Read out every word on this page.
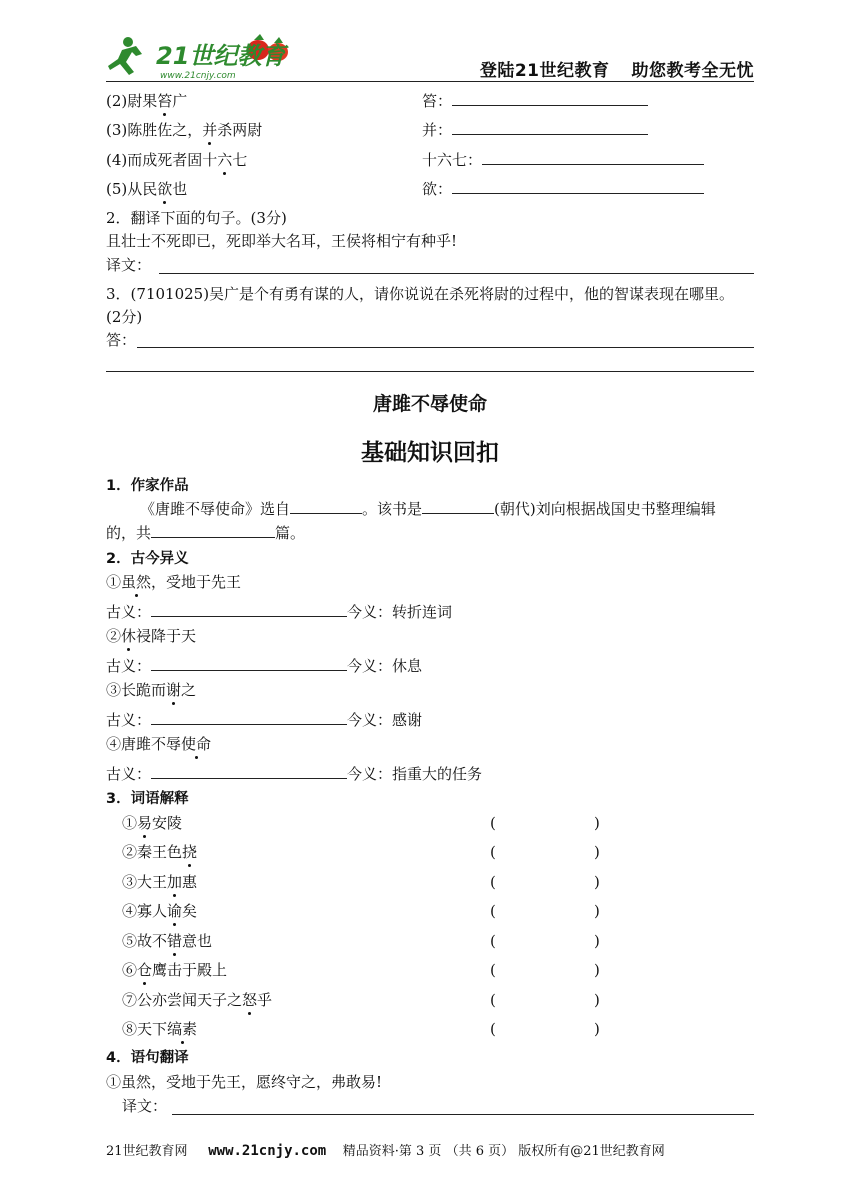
21世纪教育
www.21cnjy.com	登陆21世纪教育 助您教考全无忧
(2)尉果笞广	笞：
(3)陈胜佐之，并杀两尉	并：
(4)而成死者固十六七	十六七：
(5)从民欲也	欲：
2．翻译下面的句子。(3分)
且壮士不死即已，死即举大名耳，王侯将相宁有种乎!
译文：
3．(7101025)吴广是个有勇有谋的人，请你说说在杀死将尉的过程中，他的智谋表现在哪里。
(2分)
答：
唐雎不辱使命
基础知识回扣
1．作家作品
《唐雎不辱使命》选自	。该书是	(朝代)刘向根据战国史书整理编辑
的，共	篇。
2．古今异义
①虽然，受地于先王
古义：	今义：转折连词
②休祲降于天
古义：	今义：休息
③长跪而谢之
古义：	今义：感谢
④唐雎不辱使命
古义：	今义：指重大的任务
3．词语解释
①易安陵	(	)
②秦王色挠	(	)
③大王加惠	(	)
④寡人谕矣	(	)
⑤故不错意也	(	)
⑥仓鹰击于殿上	(	)
⑦公亦尝闻天子之怒乎	(	)
⑧天下缟素	(	)
4．语句翻译
①虽然，受地于先王，愿终守之，弗敢易!
译文：
21世纪教育网 www.21cnjy.com 精品资料·第 3 页 （共 6 页） 版权所有@21世纪教育网
